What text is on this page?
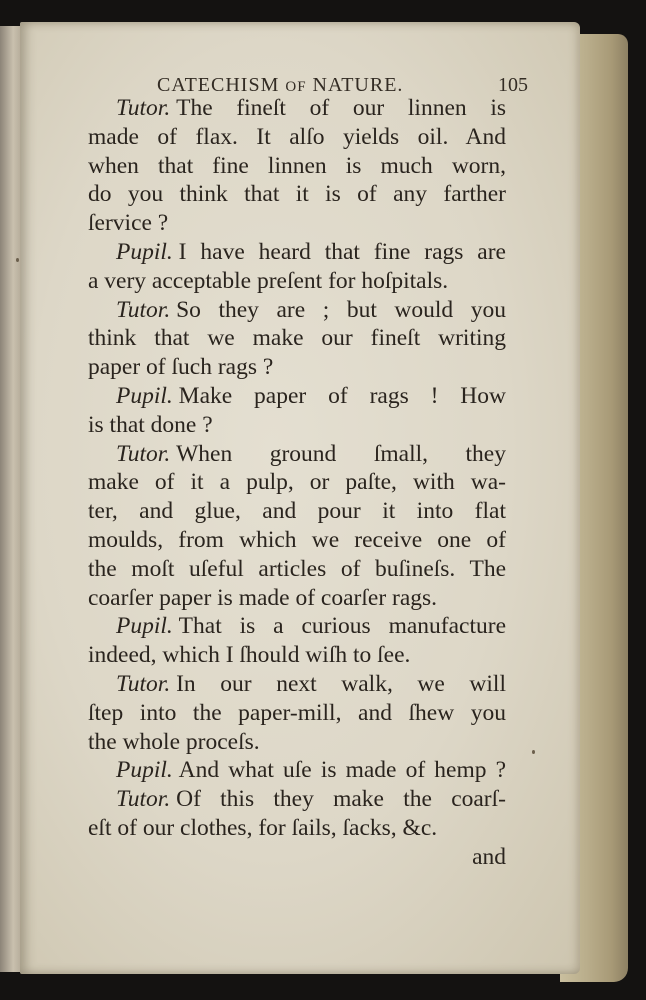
CATECHISM OF NATURE.	105
Tutor.
The fineſt of our linnen is
made of flax. It alſo yields oil. And
when that fine linnen is much worn,
do you think that it is of any farther
ſervice ?
Pupil.
I have heard that fine rags are
a very acceptable preſent for hoſpitals.
Tutor.
So they are ; but would you
think that we make our fineſt writing
paper of ſuch rags ?
Pupil.
Make paper of rags ! How
is that done ?
Tutor.
When ground ſmall, they
make of it a pulp, or paſte, with wa-
ter, and glue, and pour it into flat
moulds, from which we receive one of
the moſt uſeful articles of buſineſs. The
coarſer paper is made of coarſer rags.
Pupil.
That is a curious manufacture
indeed, which I ſhould wiſh to ſee.
Tutor.
In our next walk, we will
ſtep into the paper-mill, and ſhew you
the whole proceſs.
Pupil.
And what uſe is made of hemp ?
Tutor.
Of this they make the coarſ-
eſt of our clothes, for ſails, ſacks, &c.
and
